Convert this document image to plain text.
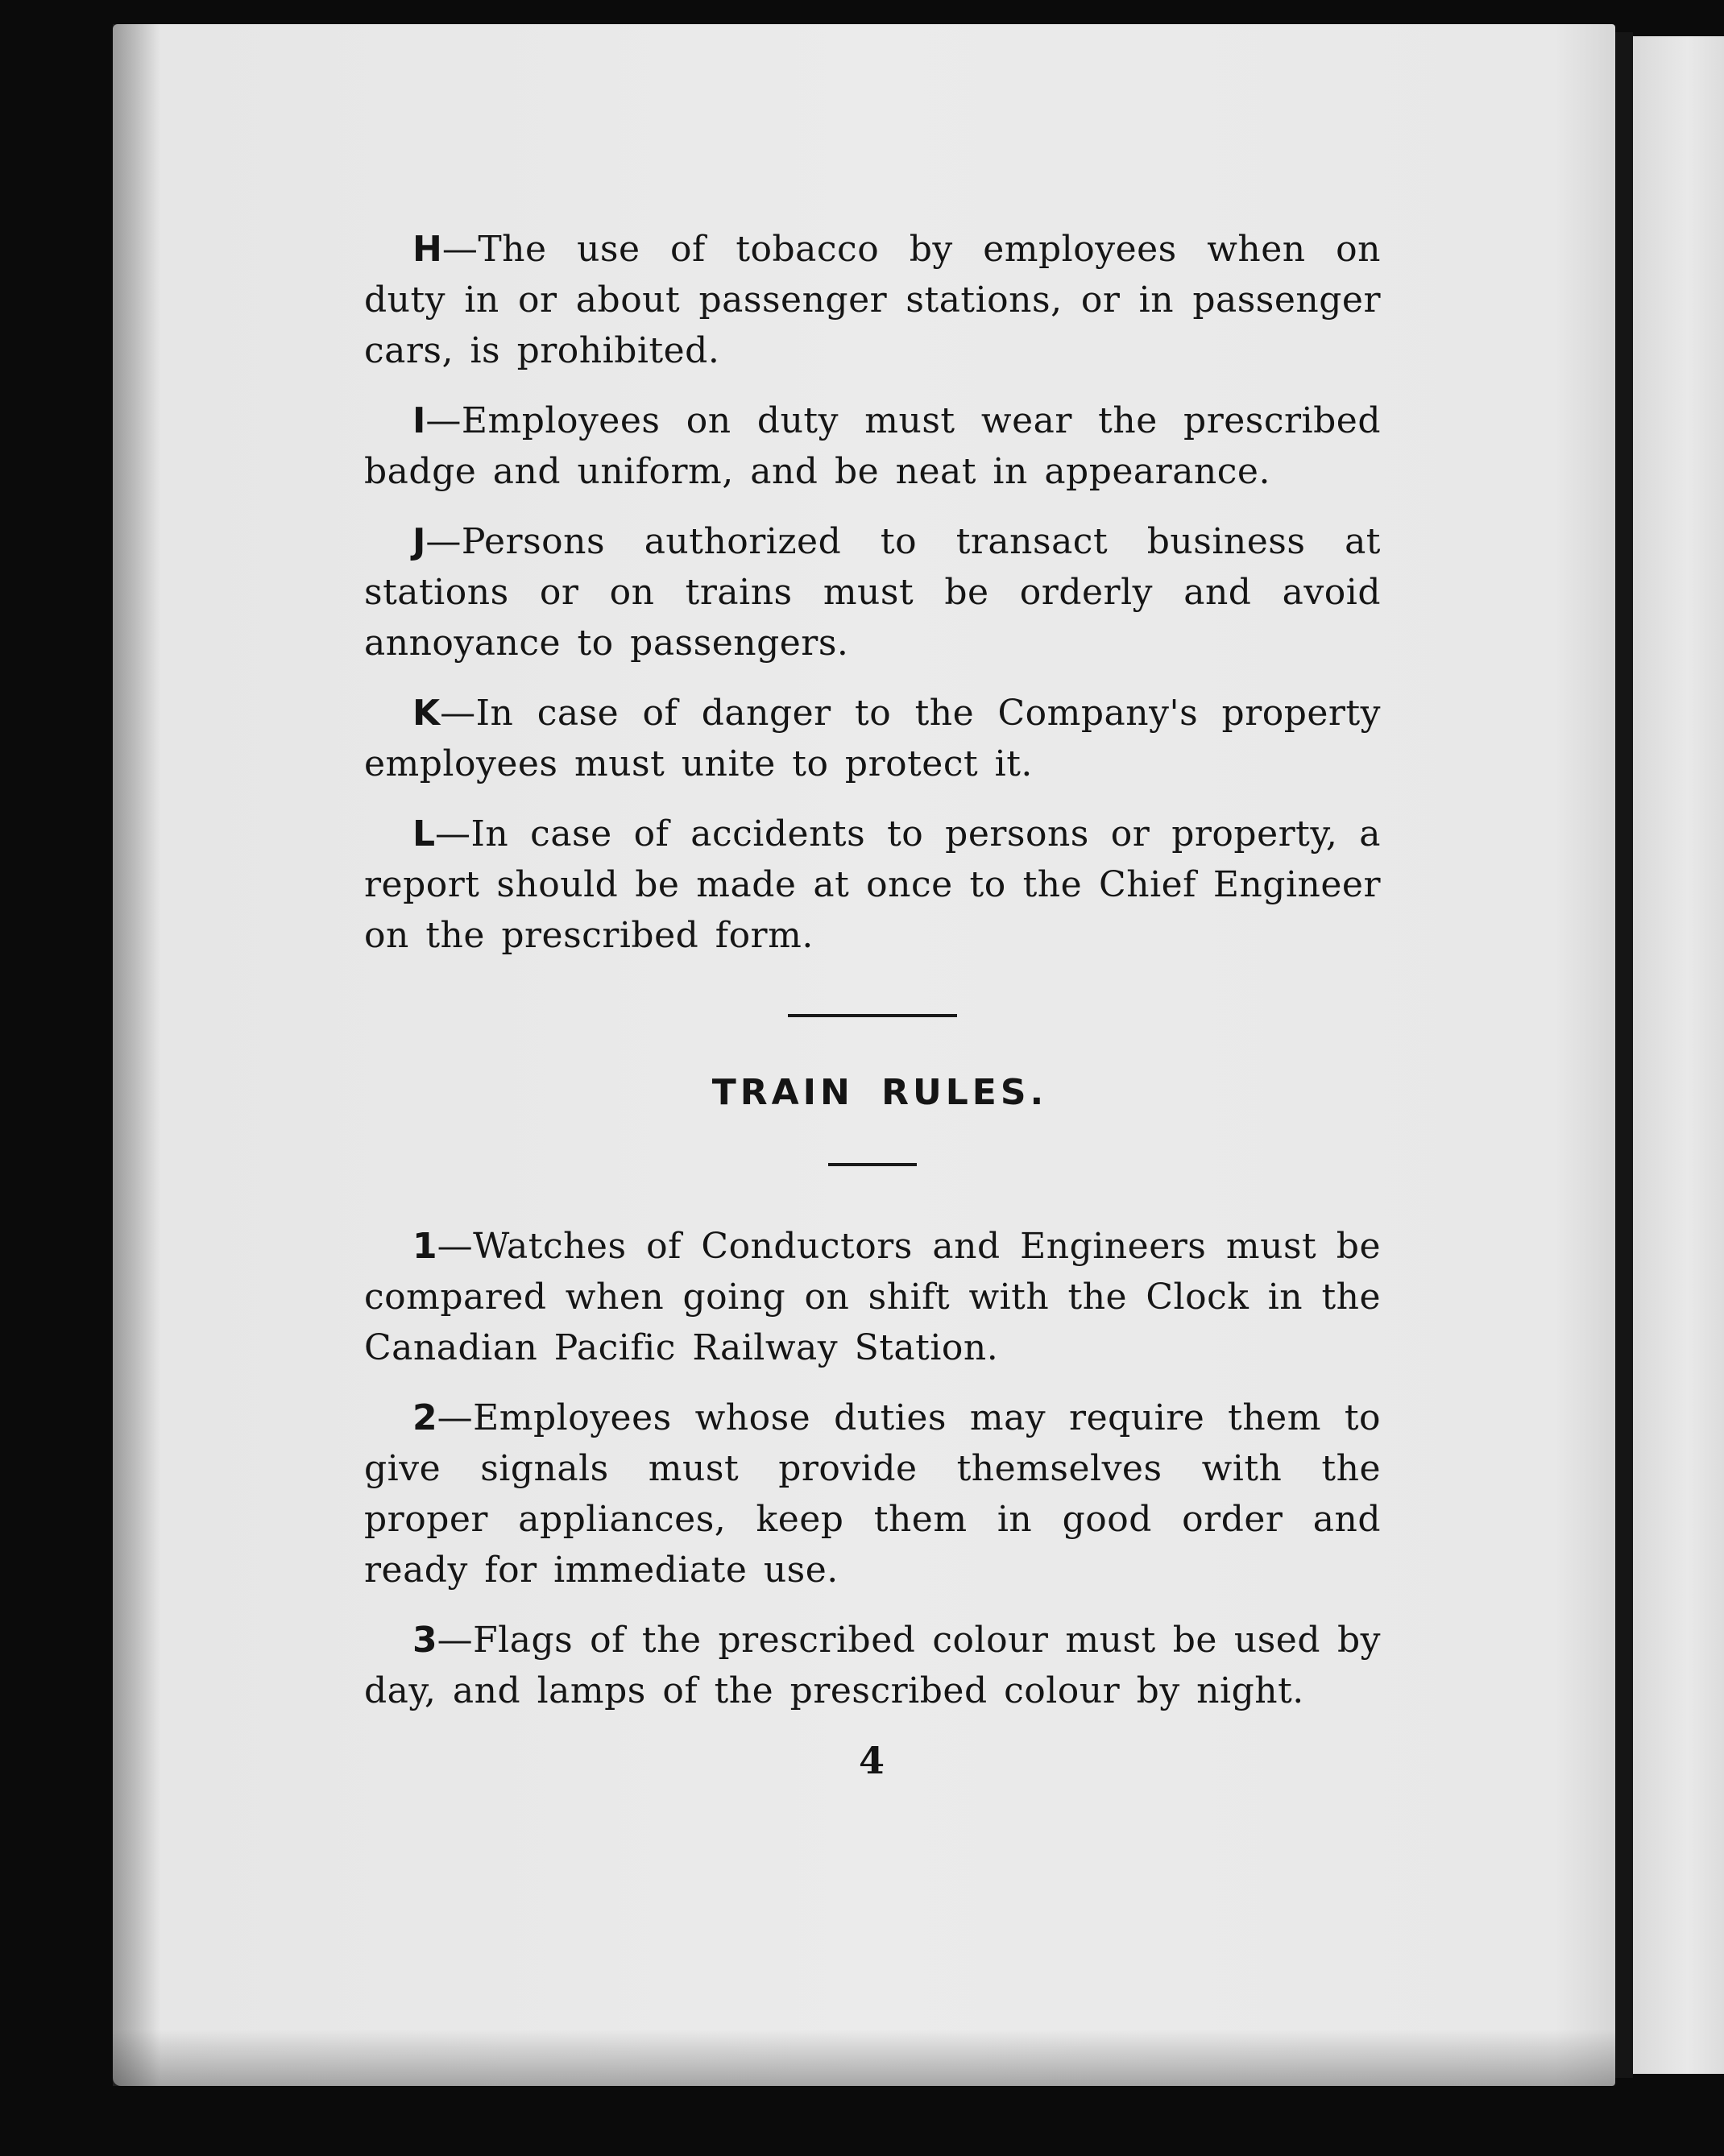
H—The use of tobacco by employees when on duty in or about passenger stations, or in passenger cars, is prohibited.

I—Employees on duty must wear the prescribed badge and uniform, and be neat in appearance.

J—Persons authorized to transact business at stations or on trains must be orderly and avoid annoyance to passengers.

K—In case of danger to the Company's property employees must unite to protect it.

L—In case of accidents to persons or property, a report should be made at once to the Chief Engineer on the prescribed form.

TRAIN RULES.

1—Watches of Conductors and Engineers must be compared when going on shift with the Clock in the Canadian Pacific Railway Station.

2—Employees whose duties may require them to give signals must provide themselves with the proper appliances, keep them in good order and ready for immediate use.

3—Flags of the prescribed colour must be used by day, and lamps of the prescribed colour by night.

4
